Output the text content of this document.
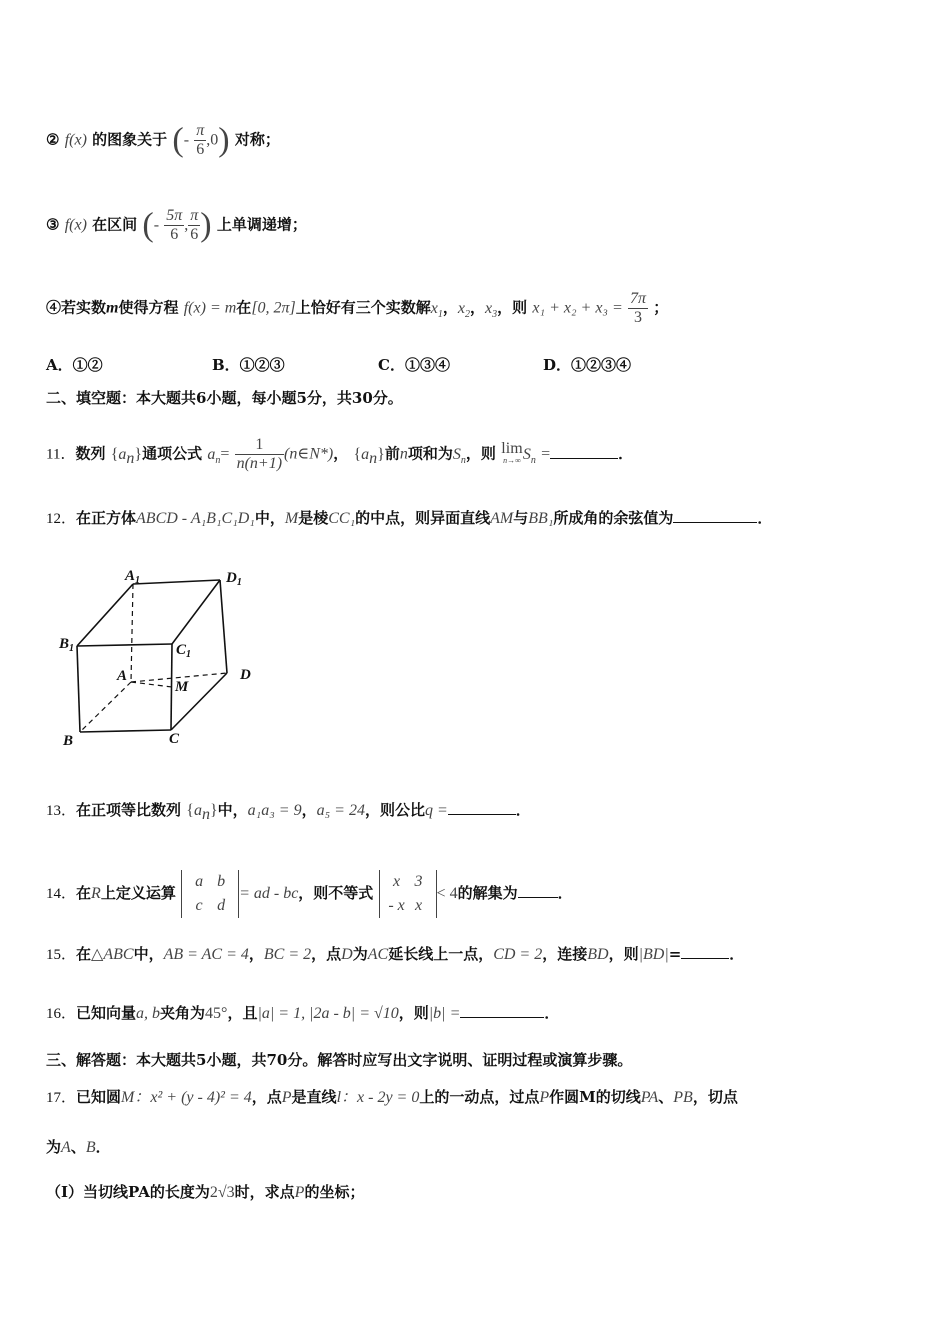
② f(x) 的图象关于 (- $\frac{\pi}{6} ,0$) 对称；
③ f(x) 在区间 (- $\frac{5\pi}{6}$ , $\frac{\pi}{6}$ ) 上单调递增；
④若实数m使得方程 f(x) = m在[0, 2π]上恰好有三个实数解$x_1$，$x_2$，$x_3$，则 $x_1 + x_2 + x_3 = \frac{7\pi}{3}$ ；
A．①②	B．①②③	C．①③④	D．①②③④
二、填空题：本大题共6小题，每小题5分，共30分。
11．数列 $\{a_n\}$通项公式 $a_n= \frac{1}{n(n+1)}$ (n∈N*)， $\{a_n\}$前n项和为$S_n$，则 lim
n→∞ $S_n$ =	．
12．在正方体ABCD - A₁B₁C₁D₁中，M是棱CC₁的中点，则异面直线AM与BB₁所成角的余弦值为	．
$A_1$	$D_1$
$B_1$	$C_1$
A
M
D
B	C
13．在正项等比数列 $\{a_n\}$中，a₁a₃ = 9，a₅ = 24，则公比q =	．
14．在R上定义运算 a b
c d= ad - bc，则不等式 x 3
- x x< 4的解集为	．
15．在△ABC中，AB = AC = 4，BC = 2，点D为AC延长线上一点，CD = 2，连接BD，则|BD|=	．
16．已知向量a, b夹角为45°，且|a| = 1, |2a - b| = √10，则|b| =	．
三、解答题：本大题共5小题，共70分。解答时应写出文字说明、证明过程或演算步骤。
17．已知圆M：x² + (y - 4)² = 4，点P是直线l：x - 2y = 0上的一动点，过点P作圆M的切线PA、PB，切点
为A、B．
（Ⅰ）当切线PA的长度为2√3时，求点P的坐标；
